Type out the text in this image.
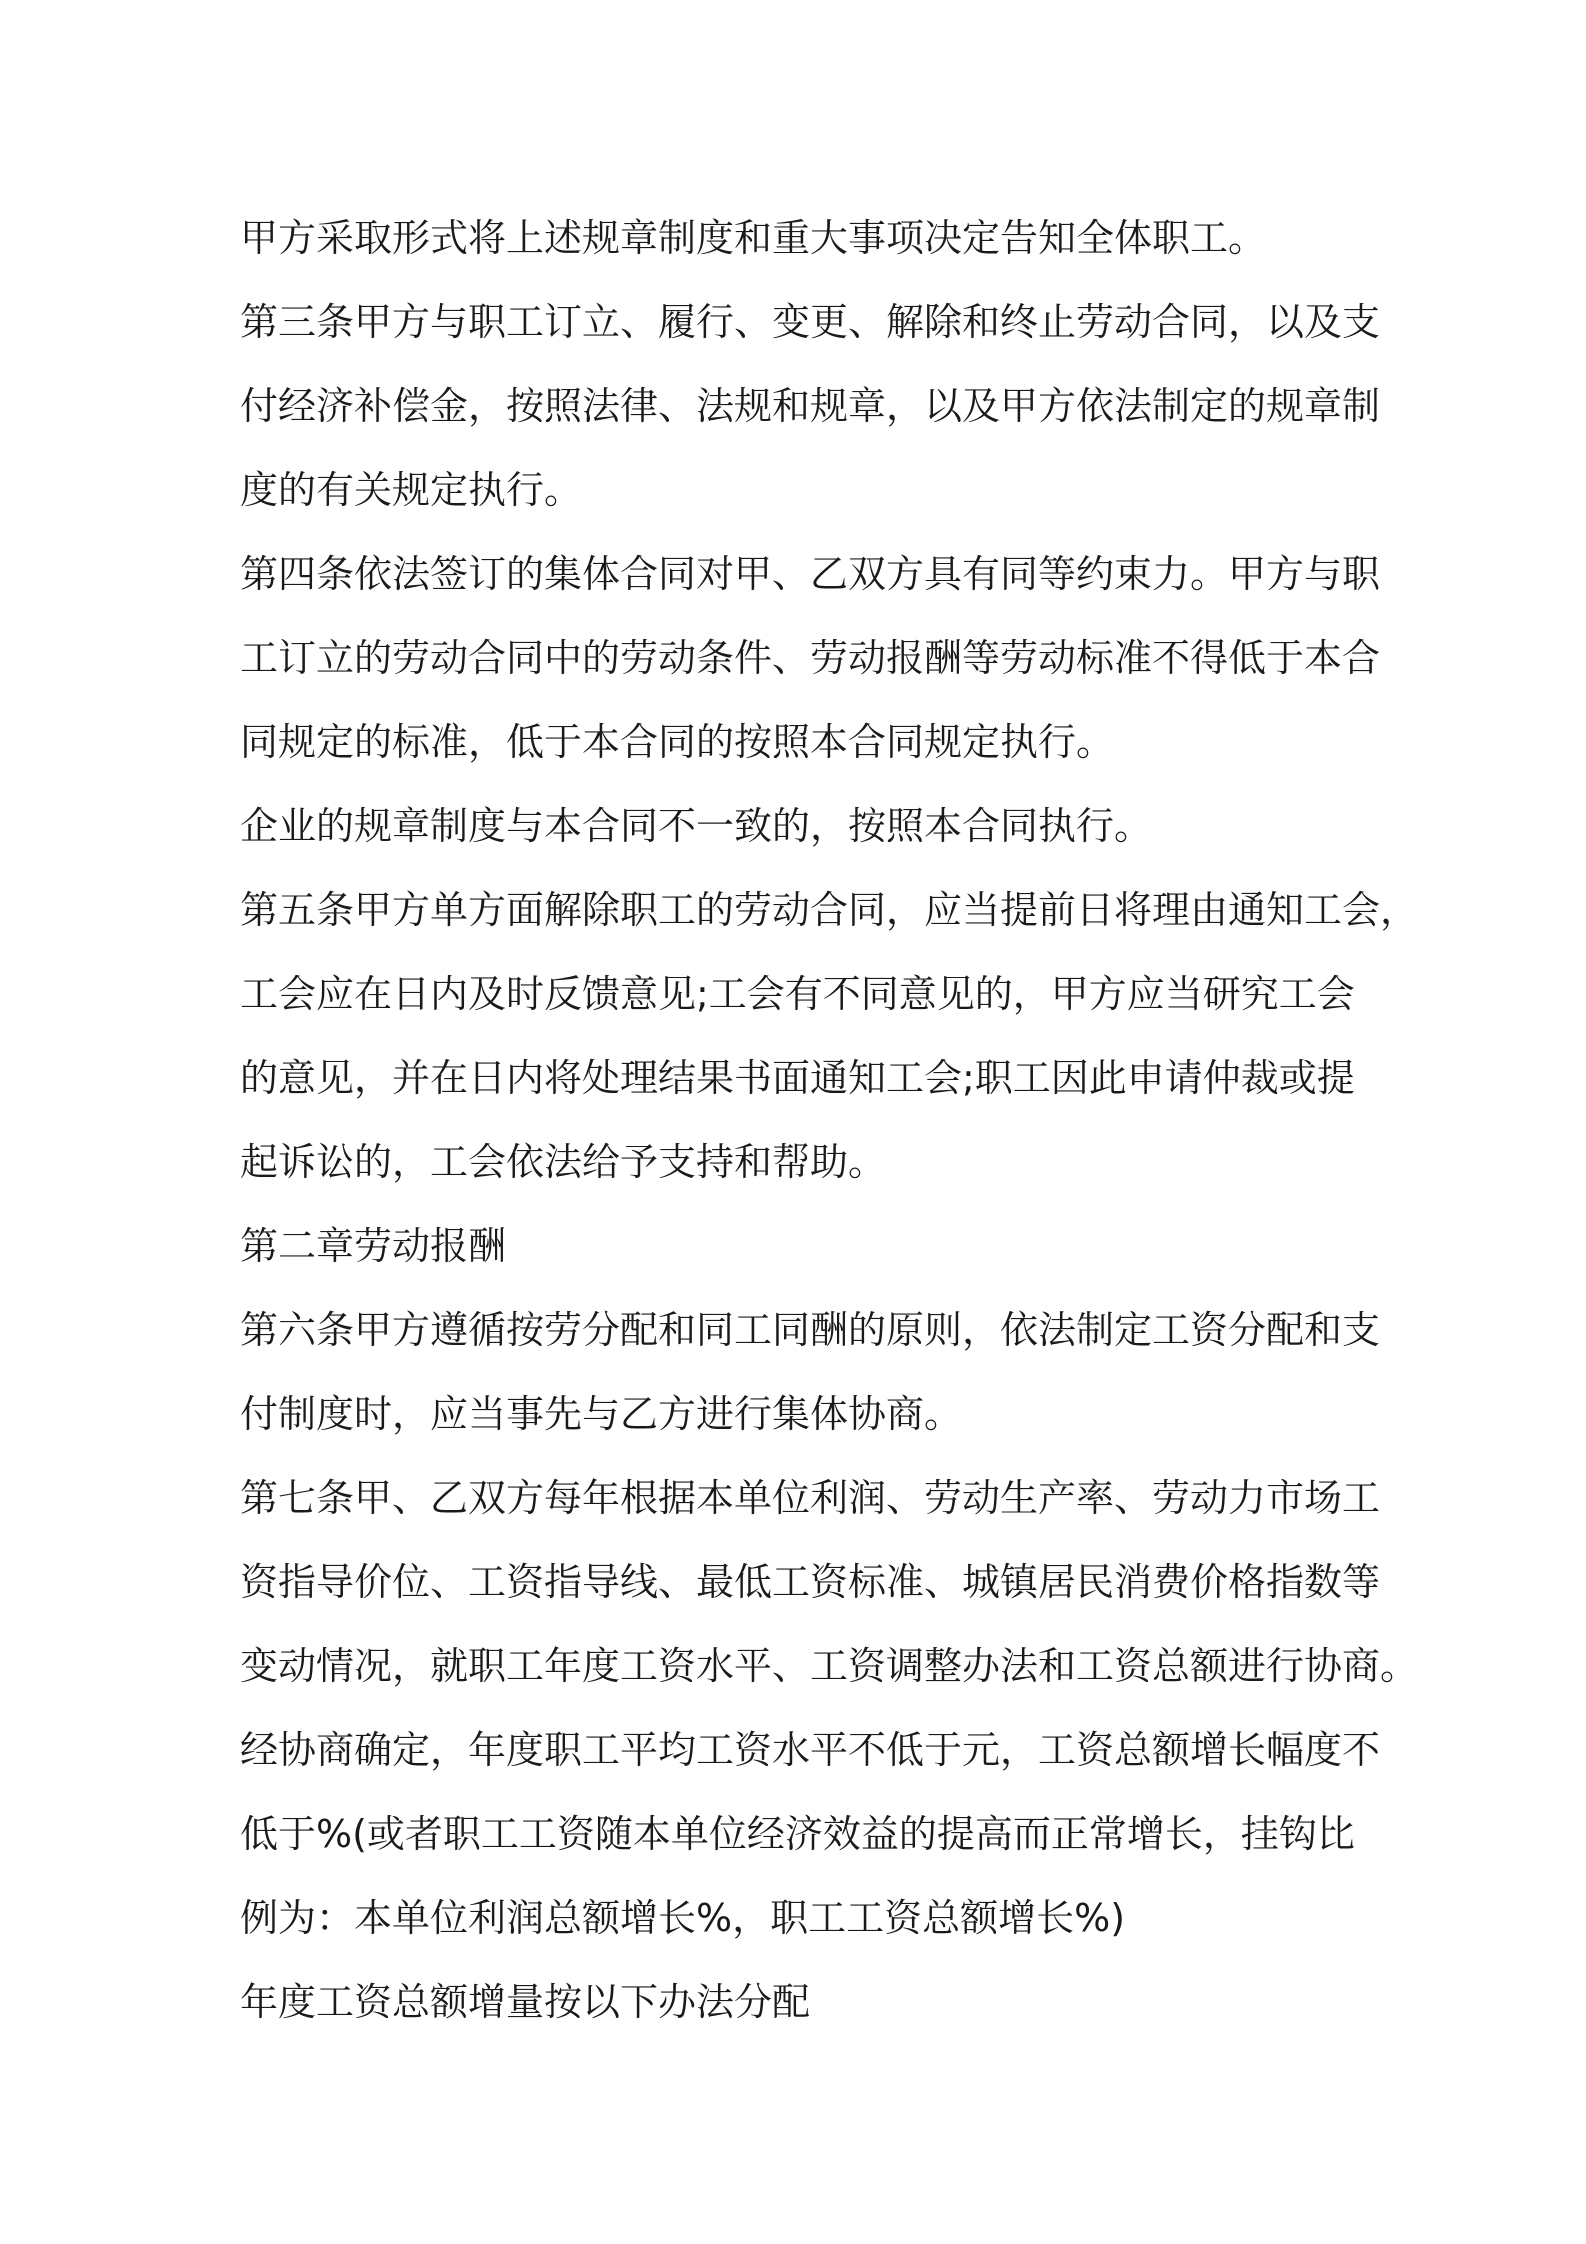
甲方采取形式将上述规章制度和重大事项决定告知全体职工。
第三条甲方与职工订立、履行、变更、解除和终止劳动合同，以及支
付经济补偿金，按照法律、法规和规章，以及甲方依法制定的规章制
度的有关规定执行。
第四条依法签订的集体合同对甲、乙双方具有同等约束力。甲方与职
工订立的劳动合同中的劳动条件、劳动报酬等劳动标准不得低于本合
同规定的标准，低于本合同的按照本合同规定执行。
企业的规章制度与本合同不一致的，按照本合同执行。
第五条甲方单方面解除职工的劳动合同，应当提前日将理由通知工会，
工会应在日内及时反馈意见;工会有不同意见的，甲方应当研究工会
的意见，并在日内将处理结果书面通知工会;职工因此申请仲裁或提
起诉讼的，工会依法给予支持和帮助。
第二章劳动报酬
第六条甲方遵循按劳分配和同工同酬的原则，依法制定工资分配和支
付制度时，应当事先与乙方进行集体协商。
第七条甲、乙双方每年根据本单位利润、劳动生产率、劳动力市场工
资指导价位、工资指导线、最低工资标准、城镇居民消费价格指数等
变动情况，就职工年度工资水平、工资调整办法和工资总额进行协商。
经协商确定，年度职工平均工资水平不低于元，工资总额增长幅度不
低于%(或者职工工资随本单位经济效益的提高而正常增长，挂钩比
例为：本单位利润总额增长%，职工工资总额增长%)
年度工资总额增量按以下办法分配
